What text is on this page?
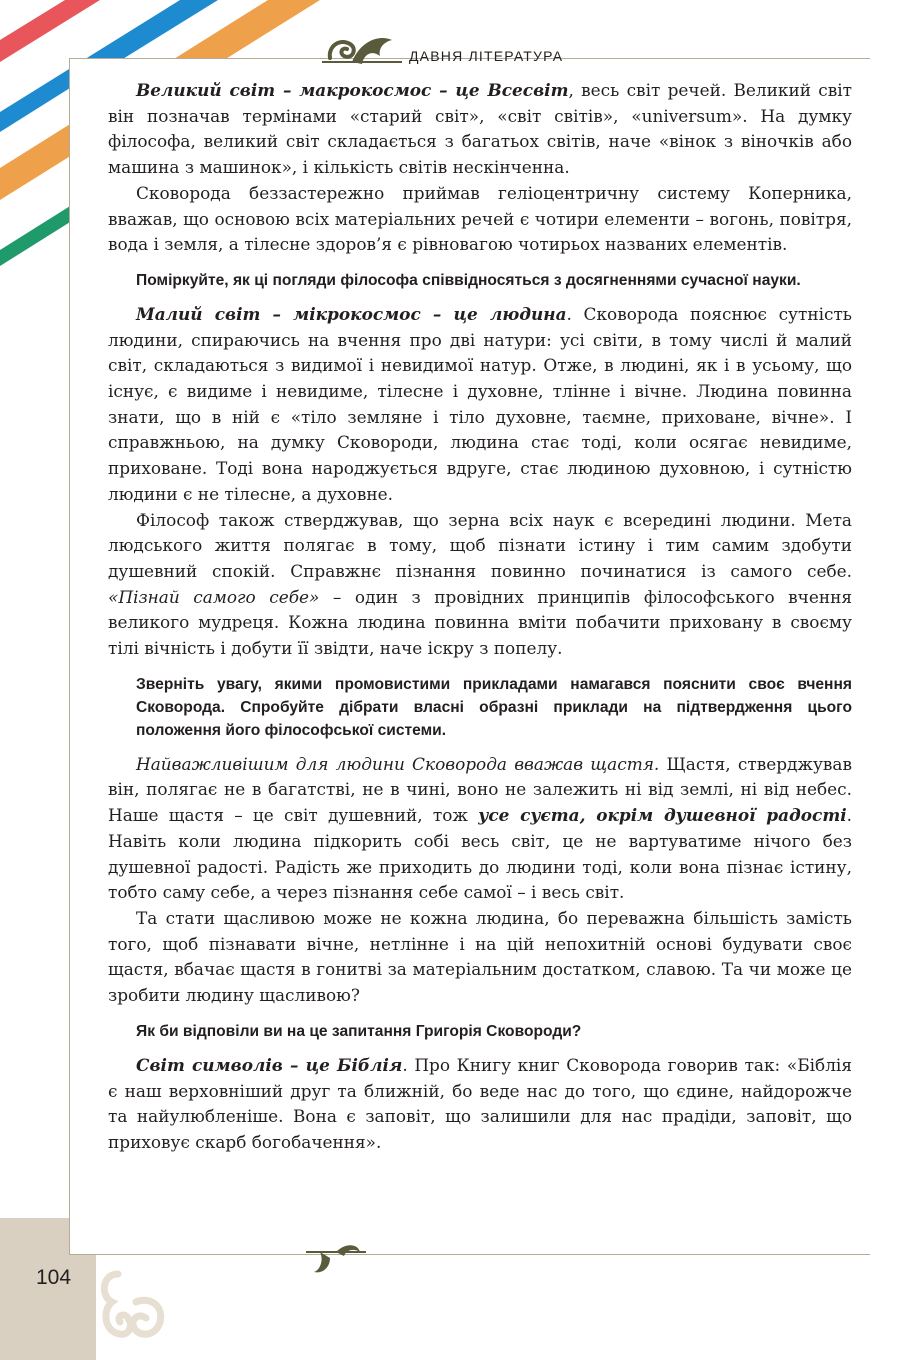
ДАВНЯ ЛІТЕРАТУРА

Великий світ – макрокосмос – це Всесвіт, весь світ речей. Великий світ він позначав термінами «старий світ», «світ світів», «universum». На думку філософа, великий світ складається з багатьох світів, наче «вінок з віночків або машина з машинок», і кількість світів нескінченна.

Сковорода беззастережно приймав геліоцентричну систему Коперника, вважав, що основою всіх матеріальних речей є чотири елементи – вогонь, повітря, вода і земля, а тілесне здоров’я є рівновагою чотирьох названих елементів.

Поміркуйте, як ці погляди філософа співвідносяться з досягненнями сучасної науки.

Малий світ – мікрокосмос – це людина. Сковорода пояснює сутність людини, спираючись на вчення про дві натури: усі світи, в тому числі й малий світ, складаються з видимої і невидимої натур. Отже, в людині, як і в усьому, що існує, є видиме і невидиме, тілесне і духовне, тлінне і вічне. Людина повинна знати, що в ній є «тіло земляне і тіло духовне, таємне, приховане, вічне». І справжньою, на думку Сковороди, людина стає тоді, коли осягає невидиме, приховане. Тоді вона народжується вдруге, стає людиною духовною, і сутністю людини є не тілесне, а духовне.

Філософ також стверджував, що зерна всіх наук є всередині людини. Мета людського життя полягає в тому, щоб пізнати істину і тим самим здобути душевний спокій. Справжнє пізнання повинно починатися із самого себе. «Пізнай самого себе» – один з провідних принципів філософського вчення великого мудреця. Кожна людина повинна вміти побачити приховану в своєму тілі вічність і добути її звідти, наче іскру з попелу.

Зверніть увагу, якими промовистими прикладами намагався пояснити своє вчення Сковорода. Спробуйте дібрати власні образні приклади на підтвердження цього положення його філософської системи.

Найважливішим для людини Сковорода вважав щастя. Щастя, стверджував він, полягає не в багатстві, не в чині, воно не залежить ні від землі, ні від небес. Наше щастя – це світ душевний, тож усе суєта, окрім душевної радості. Навіть коли людина підкорить собі весь світ, це не вартуватиме нічого без душевної радості. Радість же приходить до людини тоді, коли вона пізнає істину, тобто саму себе, а через пізнання себе самої – і весь світ.

Та стати щасливою може не кожна людина, бо переважна більшість замість того, щоб пізнавати вічне, нетлінне і на цій непохитній основі будувати своє щастя, вбачає щастя в гонитві за матеріальним достатком, славою. Та чи може це зробити людину щасливою?

Як би відповіли ви на це запитання Григорія Сковороди?

Світ символів – це Біблія. Про Книгу книг Сковорода говорив так: «Біблія є наш верховніший друг та ближній, бо веде нас до того, що єдине, найдорожче та найулюбленіше. Вона є заповіт, що залишили для нас прадіди, заповіт, що приховує скарб богобачення».

104
